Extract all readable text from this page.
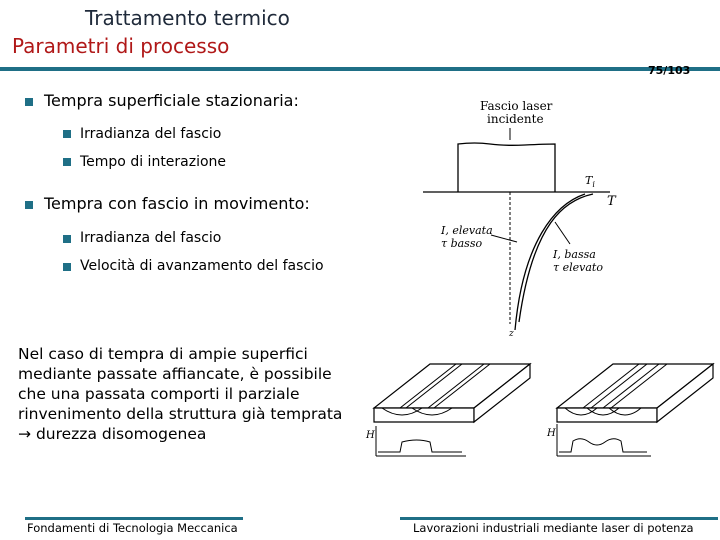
Trattamento termico
Parametri di processo
75/103
Tempra superficiale stazionaria:
Irradianza del fascio
Tempo di interazione
Tempra con fascio in movimento:
Irradianza del fascio
Velocità di avanzamento del fascio
Nel caso di tempra di ampie superfici mediante passate affiancate, è possibile che una passata comporti il parziale rinvenimento della struttura già temprata → durezza disomogenea
Fascio laser
incidente
T
$T_i$
z
I, elevata
τ basso
I, bassa
τ elevato
H	H
Fondamenti di Tecnologia Meccanica	Lavorazioni industriali mediante laser di potenza
